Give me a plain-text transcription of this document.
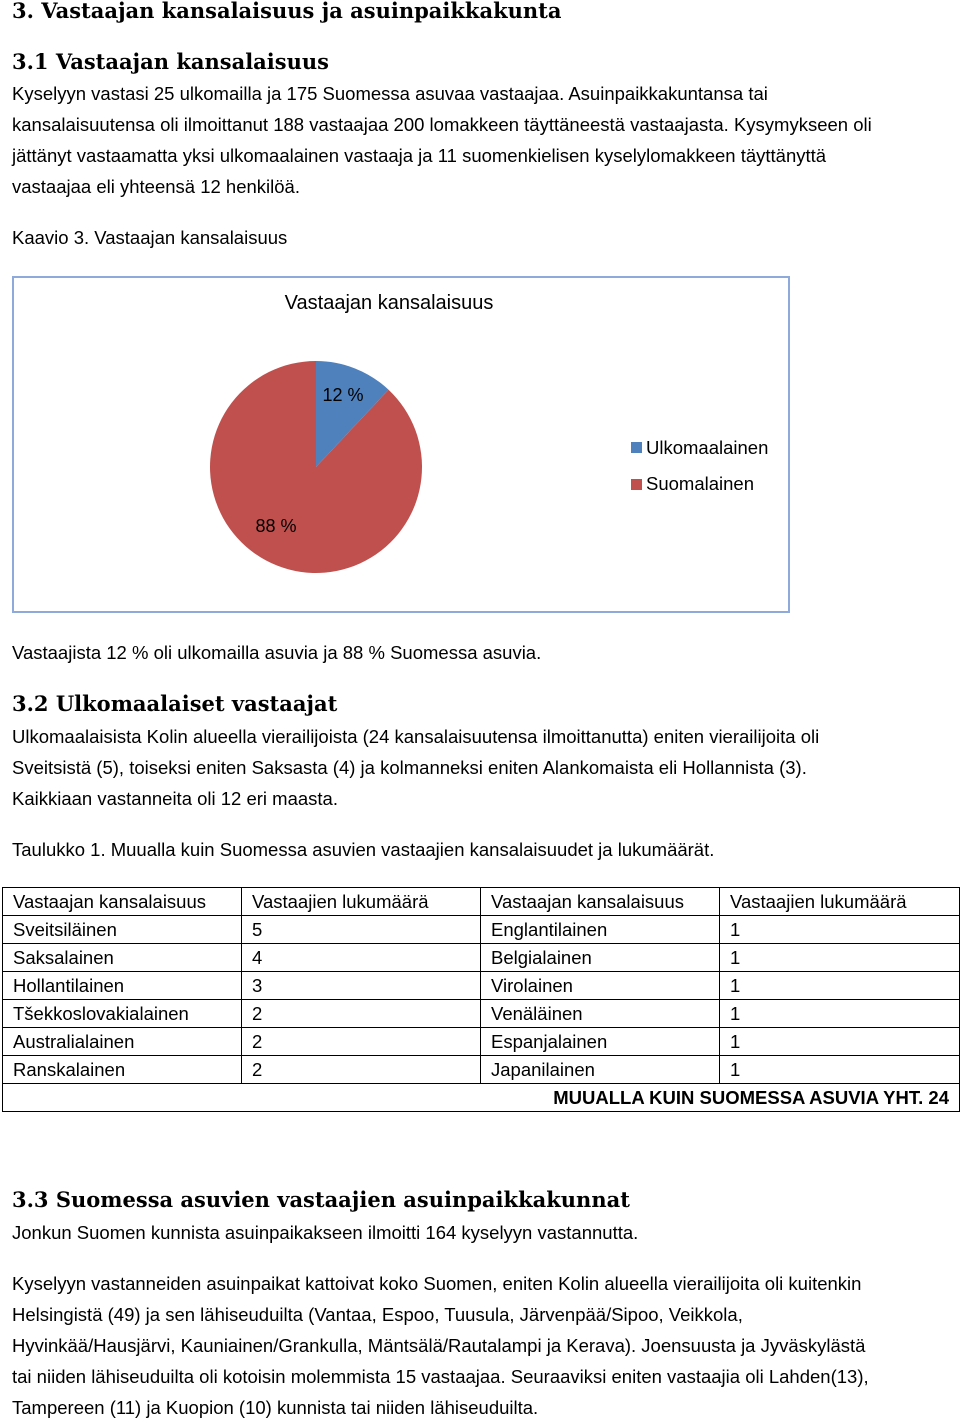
3. Vastaajan kansalaisuus ja asuinpaikkakunta
3.1 Vastaajan kansalaisuus
Kyselyyn vastasi 25 ulkomailla ja 175 Suomessa asuvaa vastaajaa. Asuinpaikkakuntansa tai
kansalaisuutensa oli ilmoittanut 188 vastaajaa 200 lomakkeen täyttäneestä vastaajasta. Kysymykseen oli
jättänyt vastaamatta yksi ulkomaalainen vastaaja ja 11 suomenkielisen kyselylomakkeen täyttänyttä
vastaajaa eli yhteensä 12 henkilöä.
Kaavio 3. Vastaajan kansalaisuus
Vastaajan kansalaisuus
12 %
88 %
Ulkomaalainen
Suomalainen
Vastaajista 12 % oli ulkomailla asuvia ja 88 % Suomessa asuvia.
3.2 Ulkomaalaiset vastaajat
Ulkomaalaisista Kolin alueella vierailijoista (24 kansalaisuutensa ilmoittanutta) eniten vierailijoita oli
Sveitsistä (5), toiseksi eniten Saksasta (4) ja kolmanneksi eniten Alankomaista eli Hollannista (3).
Kaikkiaan vastanneita oli 12 eri maasta.
Taulukko 1. Muualla kuin Suomessa asuvien vastaajien kansalaisuudet ja lukumäärät.
Vastaajan kansalaisuus	Vastaajien lukumäärä	Vastaajan kansalaisuus	Vastaajien lukumäärä
Sveitsiläinen	5	Englantilainen	1
Saksalainen	4	Belgialainen	1
Hollantilainen	3	Virolainen	1
Tšekkoslovakialainen	2	Venäläinen	1
Australialainen	2	Espanjalainen	1
Ranskalainen	2	Japanilainen	1
MUUALLA KUIN SUOMESSA ASUVIA YHT. 24			
3.3 Suomessa asuvien vastaajien asuinpaikkakunnat
Jonkun Suomen kunnista asuinpaikakseen ilmoitti 164 kyselyyn vastannutta.
Kyselyyn vastanneiden asuinpaikat kattoivat koko Suomen, eniten Kolin alueella vierailijoita oli kuitenkin
Helsingistä (49) ja sen lähiseuduilta (Vantaa, Espoo, Tuusula, Järvenpää/Sipoo, Veikkola,
Hyvinkää/Hausjärvi, Kauniainen/Grankulla, Mäntsälä/Rautalampi ja Kerava). Joensuusta ja Jyväskylästä
tai niiden lähiseuduilta oli kotoisin molemmista 15 vastaajaa. Seuraaviksi eniten vastaajia oli Lahden(13),
Tampereen (11) ja Kuopion (10) kunnista tai niiden lähiseuduilta.
